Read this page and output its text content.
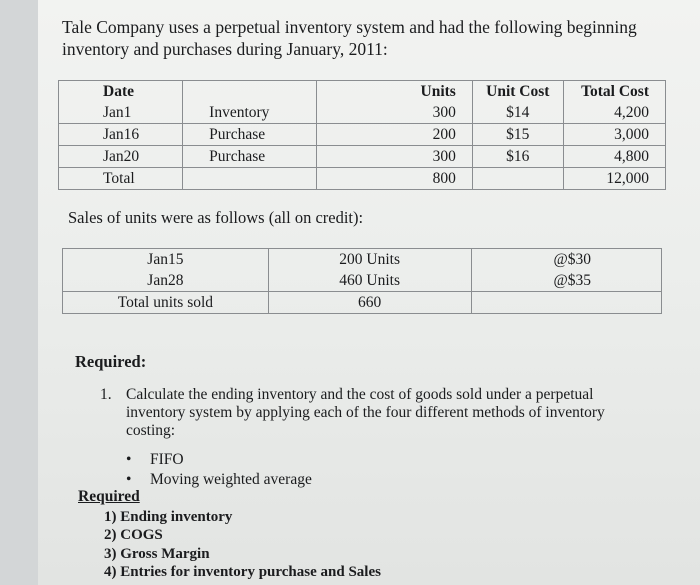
Tale Company uses a perpetual inventory system and had the following beginning inventory and purchases during January, 2011:
Date		Units	Unit Cost	Total Cost
Jan1	Inventory	300	$14	4,200
Jan16	Purchase	200	$15	3,000
Jan20	Purchase	300	$16	4,800
Total		800		12,000
Sales of units were as follows (all on credit):
Jan15	200 Units	@$30
Jan28	460 Units	@$35
Total units sold	660	
Required:
1. Calculate the ending inventory and the cost of goods sold under a perpetual inventory system by applying each of the four different methods of inventory costing:
• FIFO
• Moving weighted average
Required
1) Ending inventory
2) COGS
3) Gross Margin
4) Entries for inventory purchase and Sales
